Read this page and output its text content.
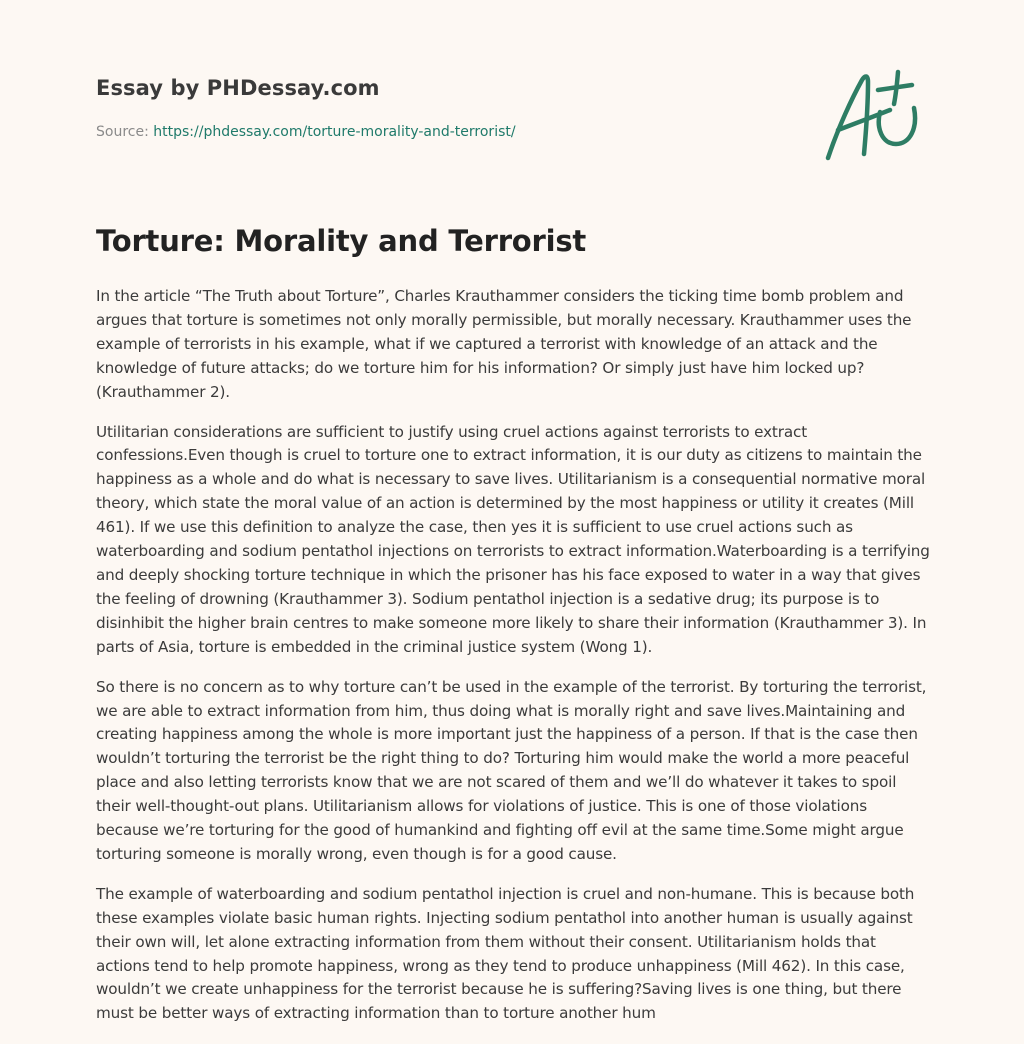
Essay by PHDessay.com
Source: https://phdessay.com/torture-morality-and-terrorist/
Torture: Morality and Terrorist

In the article “The Truth about Torture”, Charles Krauthammer considers the ticking time bomb problem and argues that torture is sometimes not only morally permissible, but morally necessary. Krauthammer uses the example of terrorists in his example, what if we captured a terrorist with knowledge of an attack and the knowledge of future attacks; do we torture him for his information? Or simply just have him locked up? (Krauthammer 2).

Utilitarian considerations are sufficient to justify using cruel actions against terrorists to extract confessions.Even though is cruel to torture one to extract information, it is our duty as citizens to maintain the happiness as a whole and do what is necessary to save lives. Utilitarianism is a consequential normative moral theory, which state the moral value of an action is determined by the most happiness or utility it creates (Mill 461). If we use this definition to analyze the case, then yes it is sufficient to use cruel actions such as waterboarding and sodium pentathol injections on terrorists to extract information.Waterboarding is a terrifying and deeply shocking torture technique in which the prisoner has his face exposed to water in a way that gives the feeling of drowning (Krauthammer 3). Sodium pentathol injection is a sedative drug; its purpose is to disinhibit the higher brain centres to make someone more likely to share their information (Krauthammer 3). In parts of Asia, torture is embedded in the criminal justice system (Wong 1).

So there is no concern as to why torture can’t be used in the example of the terrorist. By torturing the terrorist, we are able to extract information from him, thus doing what is morally right and save lives.Maintaining and creating happiness among the whole is more important just the happiness of a person. If that is the case then wouldn’t torturing the terrorist be the right thing to do? Torturing him would make the world a more peaceful place and also letting terrorists know that we are not scared of them and we’ll do whatever it takes to spoil their well-thought-out plans. Utilitarianism allows for violations of justice. This is one of those violations because we’re torturing for the good of humankind and fighting off evil at the same time.Some might argue torturing someone is morally wrong, even though is for a good cause.

The example of waterboarding and sodium pentathol injection is cruel and non-humane. This is because both these examples violate basic human rights. Injecting sodium pentathol into another human is usually against their own will, let alone extracting information from them without their consent. Utilitarianism holds that actions tend to help promote happiness, wrong as they tend to produce unhappiness (Mill 462). In this case, wouldn’t we create unhappiness for the terrorist because he is suffering?Saving lives is one thing, but there must be better ways of extracting information than to torture another hum
